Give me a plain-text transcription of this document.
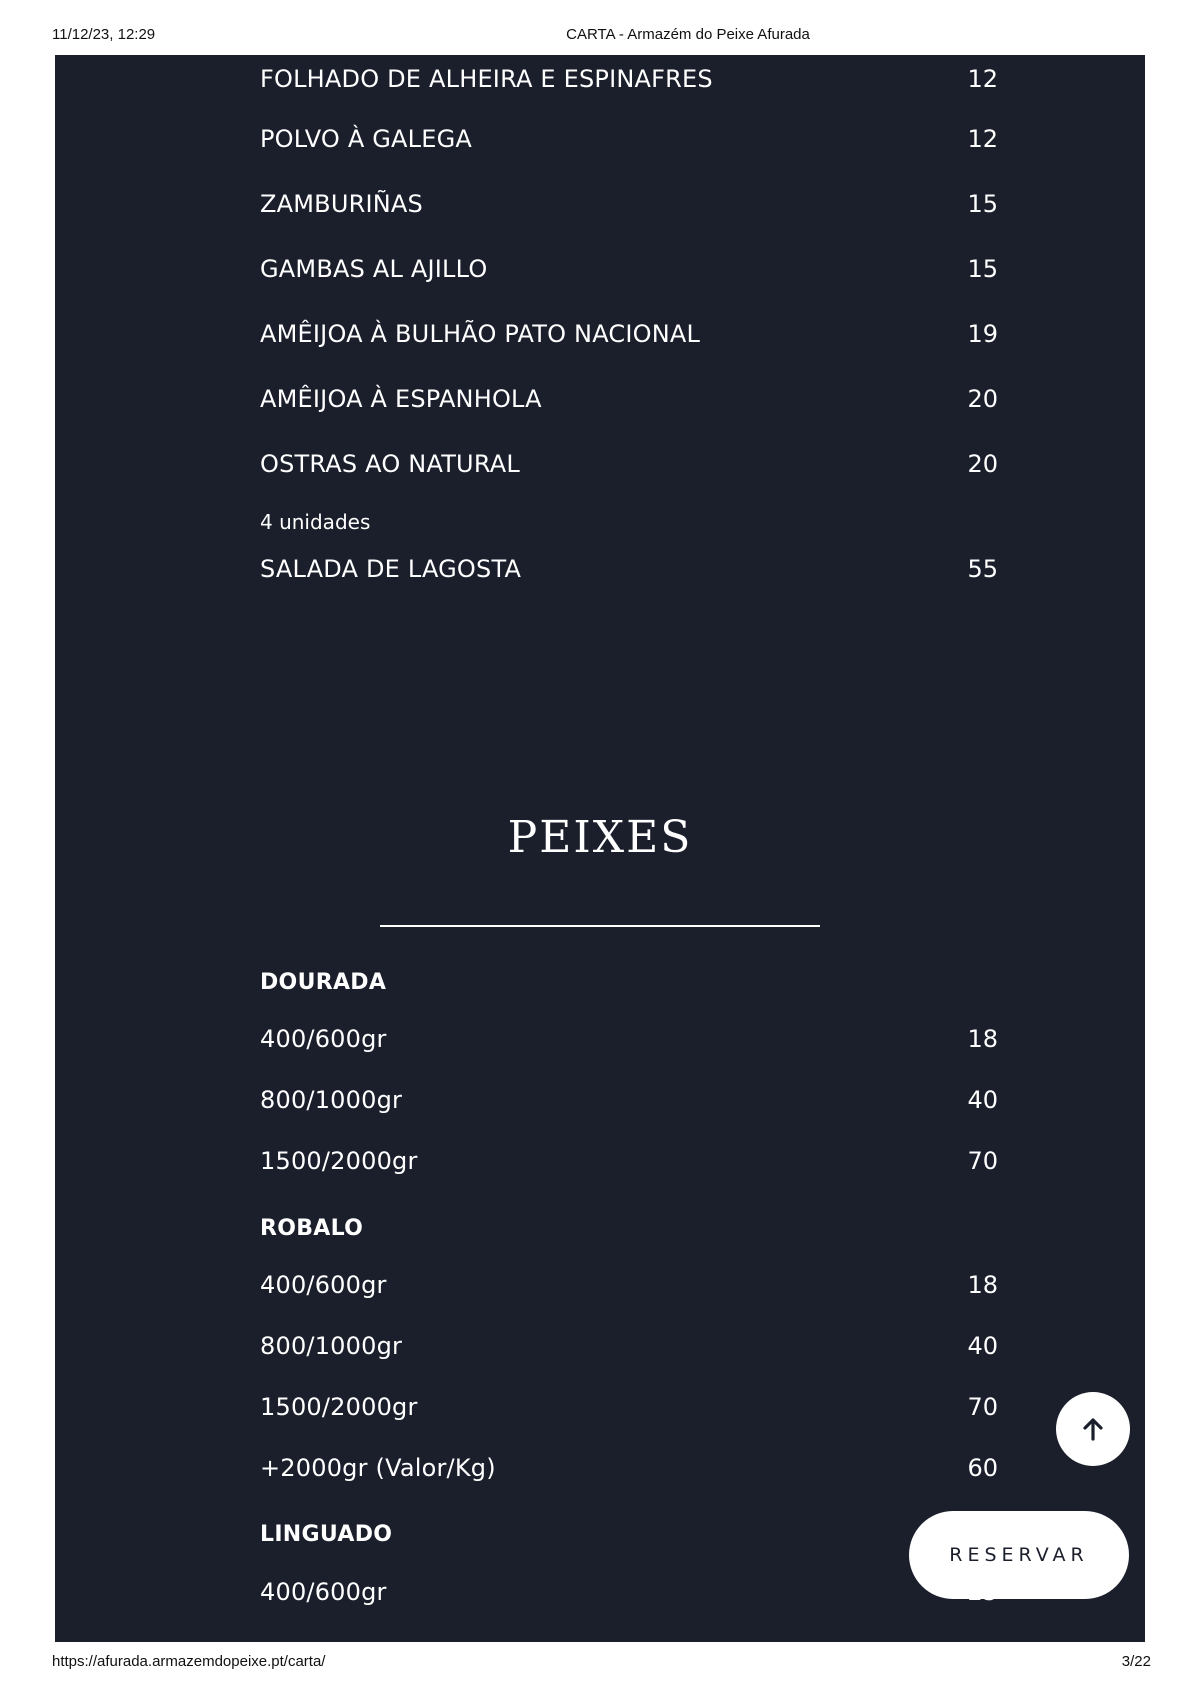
11/12/23, 12:29	CARTA - Armazém do Peixe Afurada
FOLHADO DE ALHEIRA E ESPINAFRES	12
POLVO À GALEGA	12
ZAMBURIÑAS	15
GAMBAS AL AJILLO	15
AMÊIJOA À BULHÃO PATO NACIONAL	19
AMÊIJOA À ESPANHOLA	20
OSTRAS AO NATURAL	20
4 unidades
SALADA DE LAGOSTA	55
PEIXES
DOURADA
400/600gr	18
800/1000gr	40
1500/2000gr	70
ROBALO
400/600gr	18
800/1000gr	40
1500/2000gr	70
+2000gr (Valor/Kg)	60
LINGUADO
400/600gr
RESERVAR
https://afurada.armazemdopeixe.pt/carta/	3/22
